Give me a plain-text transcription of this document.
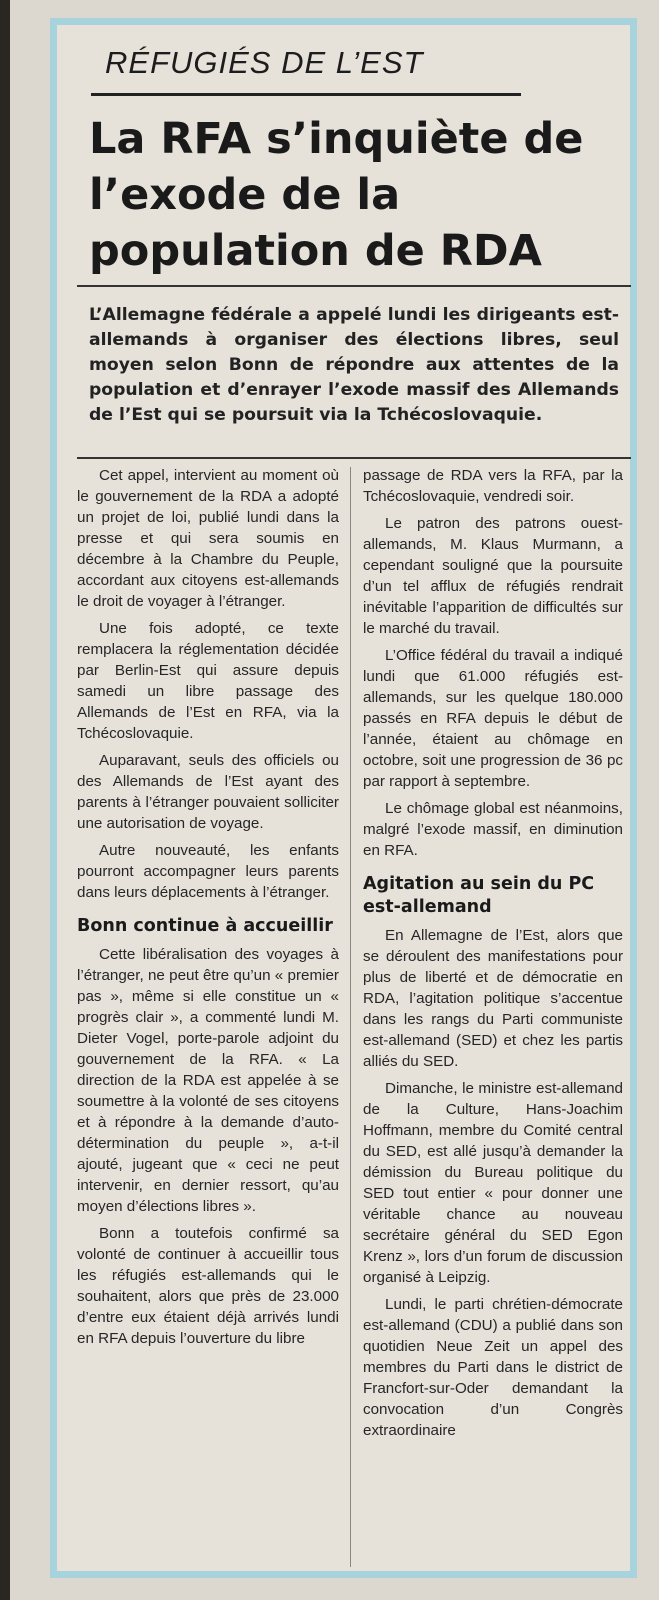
RÉFUGIÉS DE L’EST
La RFA s’inquiète de l’exode de la population de RDA

L’Allemagne fédérale a appelé lundi les dirigeants est-allemands à organiser des élections libres, seul moyen selon Bonn de répondre aux attentes de la population et d’enrayer l’exode massif des Allemands de l’Est qui se poursuit via la Tchécoslovaquie.

Cet appel, intervient au moment où le gouvernement de la RDA a adopté un projet de loi, publié lundi dans la presse et qui sera soumis en décembre à la Chambre du Peuple, accordant aux citoyens est-allemands le droit de voyager à l’étranger.

Une fois adopté, ce texte remplacera la réglementation décidée par Berlin-Est qui assure depuis samedi un libre passage des Allemands de l’Est en RFA, via la Tchécoslovaquie.

Auparavant, seuls des officiels ou des Allemands de l’Est ayant des parents à l’étranger pouvaient solliciter une autorisation de voyage.

Autre nouveauté, les enfants pourront accompagner leurs parents dans leurs déplacements à l’étranger.

Bonn continue à accueillir

Cette libéralisation des voyages à l’étranger, ne peut être qu’un « premier pas », même si elle constitue un « progrès clair », a commenté lundi M. Dieter Vogel, porte-parole adjoint du gouvernement de la RFA. « La direction de la RDA est appelée à se soumettre à la volonté de ses citoyens et à répondre à la demande d’auto-détermination du peuple », a-t-il ajouté, jugeant que « ceci ne peut intervenir, en dernier ressort, qu’au moyen d’élections libres ».

Bonn a toutefois confirmé sa volonté de continuer à accueillir tous les réfugiés est-allemands qui le souhaitent, alors que près de 23.000 d’entre eux étaient déjà arrivés lundi en RFA depuis l’ouverture du libre

passage de RDA vers la RFA, par la Tchécoslovaquie, vendredi soir.

Le patron des patrons ouest-allemands, M. Klaus Murmann, a cependant souligné que la poursuite d’un tel afflux de réfugiés rendrait inévitable l’apparition de difficultés sur le marché du travail.

L’Office fédéral du travail a indiqué lundi que 61.000 réfugiés est-allemands, sur les quelque 180.000 passés en RFA depuis le début de l’année, étaient au chômage en octobre, soit une progression de 36 pc par rapport à septembre.

Le chômage global est néanmoins, malgré l’exode massif, en diminution en RFA.

Agitation au sein du PC est-allemand

En Allemagne de l’Est, alors que se déroulent des manifestations pour plus de liberté et de démocratie en RDA, l’agitation politique s’accentue dans les rangs du Parti communiste est-allemand (SED) et chez les partis alliés du SED.

Dimanche, le ministre est-allemand de la Culture, Hans-Joachim Hoffmann, membre du Comité central du SED, est allé jusqu’à demander la démission du Bureau politique du SED tout entier « pour donner une véritable chance au nouveau secrétaire général du SED Egon Krenz », lors d’un forum de discussion organisé à Leipzig.

Lundi, le parti chrétien-démocrate est-allemand (CDU) a publié dans son quotidien Neue Zeit un appel des membres du Parti dans le district de Francfort-sur-Oder demandant la convocation d’un Congrès extraordinaire
